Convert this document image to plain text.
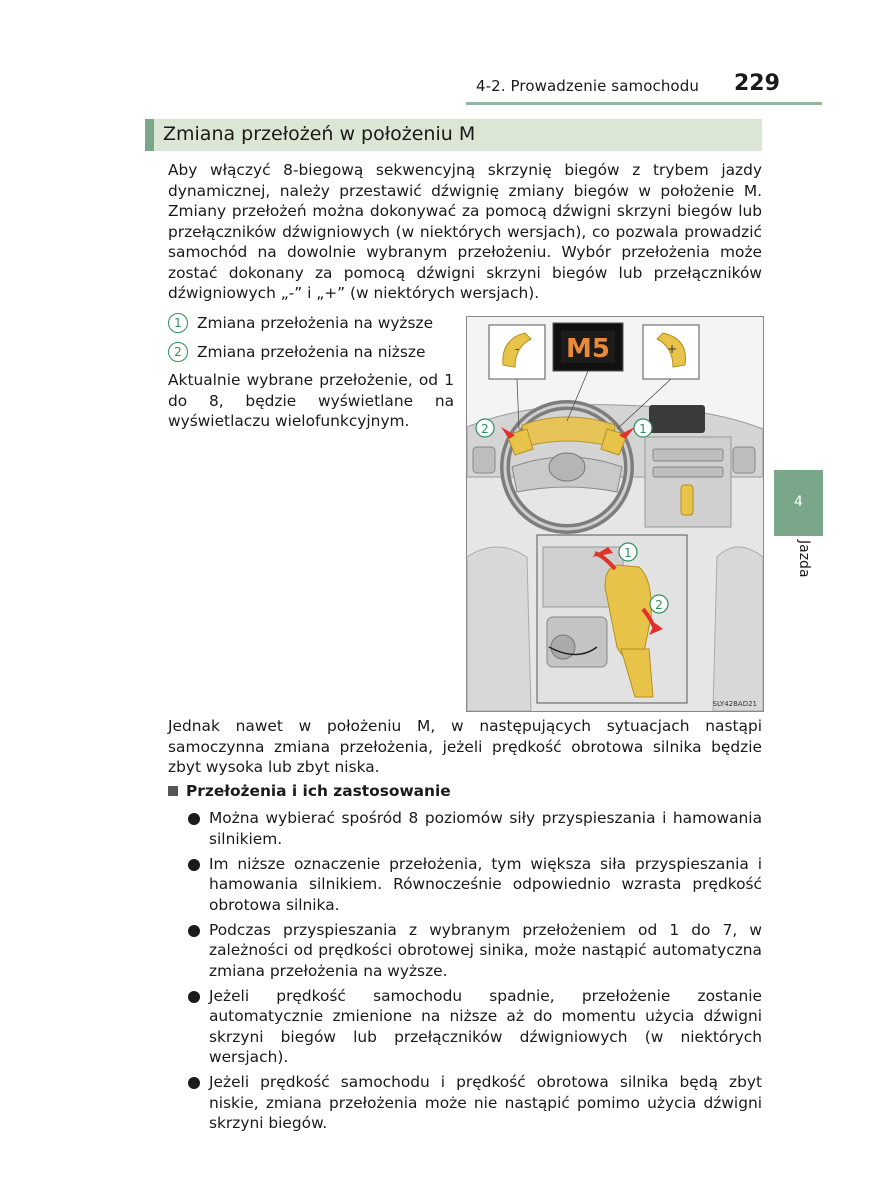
4-2. Prowadzenie samochodu 229
Zmiana przełożeń w położeniu M
Aby włączyć 8-biegową sekwencyjną skrzynię biegów z trybem jazdy dynamicznej, należy przestawić dźwignię zmiany biegów w położenie M. Zmiany przełożeń można dokonywać za pomocą dźwigni skrzyni biegów lub przełączników dźwigniowych (w niektórych wersjach), co pozwala prowadzić samochód na dowolnie wybranym przełożeniu. Wybór przełożenia może zostać dokonany za pomocą dźwigni skrzyni biegów lub przełączników dźwigniowych „-” i „+” (w niektórych wersjach).
1 Zmiana przełożenia na wyższe
2 Zmiana przełożenia na niższe
Aktualnie wybrane przełożenie, od 1 do 8, będzie wyświetlane na wyświetlaczu wielofunkcyjnym.	2	1
-	+
M5
1
2
SLY42BAD21
Jednak nawet w położeniu M, w następujących sytuacjach nastąpi samoczynna zmiana przełożenia, jeżeli prędkość obrotowa silnika będzie zbyt wysoka lub zbyt niska.
Przełożenia i ich zastosowanie
Można wybierać spośród 8 poziomów siły przyspieszania i hamowania silnikiem.
Im niższe oznaczenie przełożenia, tym większa siła przyspieszania i hamowania silnikiem. Równocześnie odpowiednio wzrasta prędkość obrotowa silnika.
Podczas przyspieszania z wybranym przełożeniem od 1 do 7, w zależności od prędkości obrotowej sinika, może nastąpić automatyczna zmiana przełożenia na wyższe.
Jeżeli prędkość samochodu spadnie, przełożenie zostanie automatycznie zmienione na niższe aż do momentu użycia dźwigni skrzyni biegów lub przełączników dźwigniowych (w niektórych wersjach).
Jeżeli prędkość samochodu i prędkość obrotowa silnika będą zbyt niskie, zmiana przełożenia może nie nastąpić pomimo użycia dźwigni skrzyni biegów.
4
Jazda
